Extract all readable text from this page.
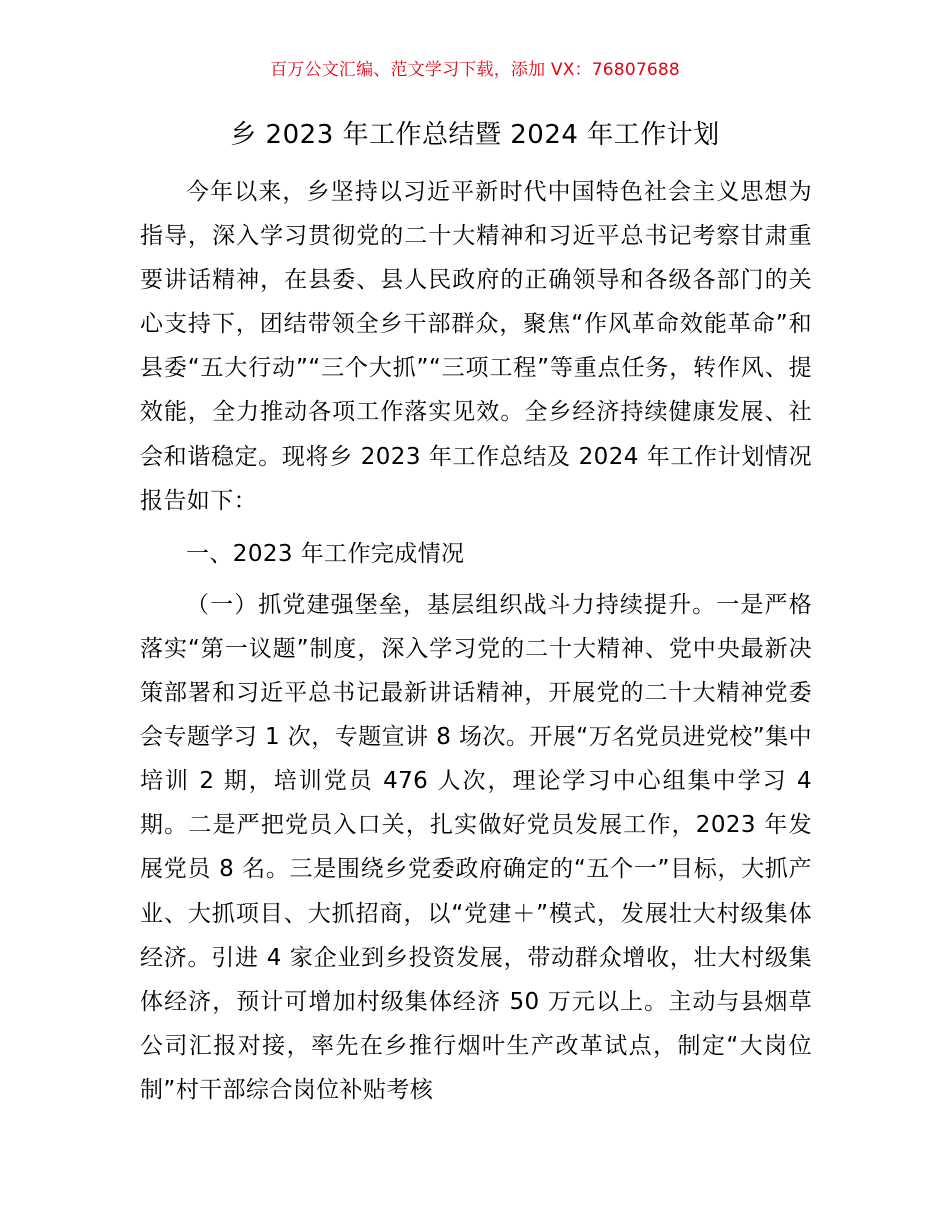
百万公文汇编、范文学习下载，添加 VX：76807688
乡 2023 年工作总结暨 2024 年工作计划

今年以来，乡坚持以习近平新时代中国特色社会主义思想为指导，深入学习贯彻党的二十大精神和习近平总书记考察甘肃重要讲话精神，在县委、县人民政府的正确领导和各级各部门的关心支持下，团结带领全乡干部群众，聚焦“作风革命效能革命”和县委“五大行动”“三个大抓”“三项工程”等重点任务，转作风、提效能，全力推动各项工作落实见效。全乡经济持续健康发展、社会和谐稳定。现将乡 2023 年工作总结及 2024 年工作计划情况报告如下：

一、2023 年工作完成情况

（一）抓党建强堡垒，基层组织战斗力持续提升。一是严格落实“第一议题”制度，深入学习党的二十大精神、党中央最新决策部署和习近平总书记最新讲话精神，开展党的二十大精神党委会专题学习 1 次，专题宣讲 8 场次。开展“万名党员进党校”集中培训 2 期，培训党员 476 人次，理论学习中心组集中学习 4 期。二是严把党员入口关，扎实做好党员发展工作，2023 年发展党员 8 名。三是围绕乡党委政府确定的“五个一”目标，大抓产业、大抓项目、大抓招商，以“党建＋”模式，发展壮大村级集体经济。引进 4 家企业到乡投资发展，带动群众增收，壮大村级集体经济，预计可增加村级集体经济 50 万元以上。主动与县烟草公司汇报对接，率先在乡推行烟叶生产改革试点，制定“大岗位制”村干部综合岗位补贴考核
